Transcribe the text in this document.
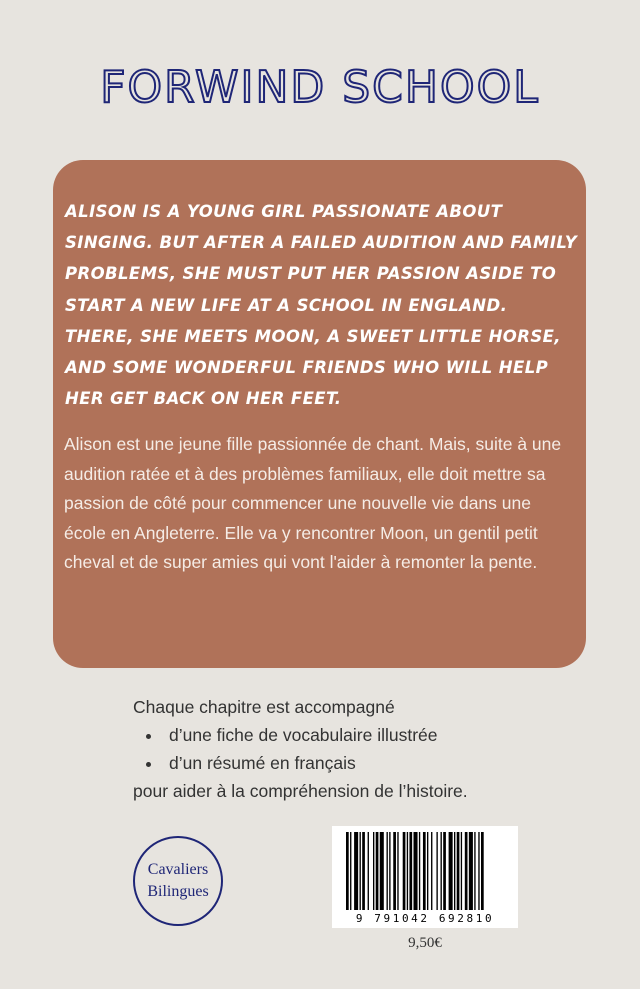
FORWIND SCHOOL
ALISON IS A YOUNG GIRL PASSIONATE ABOUT SINGING. BUT AFTER A FAILED AUDITION AND FAMILY PROBLEMS, SHE MUST PUT HER PASSION ASIDE TO START A NEW LIFE AT A SCHOOL IN ENGLAND. THERE, SHE MEETS MOON, A SWEET LITTLE HORSE, AND SOME WONDERFUL FRIENDS WHO WILL HELP HER GET BACK ON HER FEET.
Alison est une jeune fille passionnée de chant. Mais, suite à une audition ratée et à des problèmes familiaux, elle doit mettre sa passion de côté pour commencer une nouvelle vie dans une école en Angleterre. Elle va y rencontrer Moon, un gentil petit cheval et de super amies qui vont l'aider à remonter la pente.
Chaque chapitre est accompagné
• d’une fiche de vocabulaire illustrée
• d’un résumé en français
pour aider à la compréhension de l’histoire.
Cavaliers
Bilingues
9 791042 692810
9,50€
